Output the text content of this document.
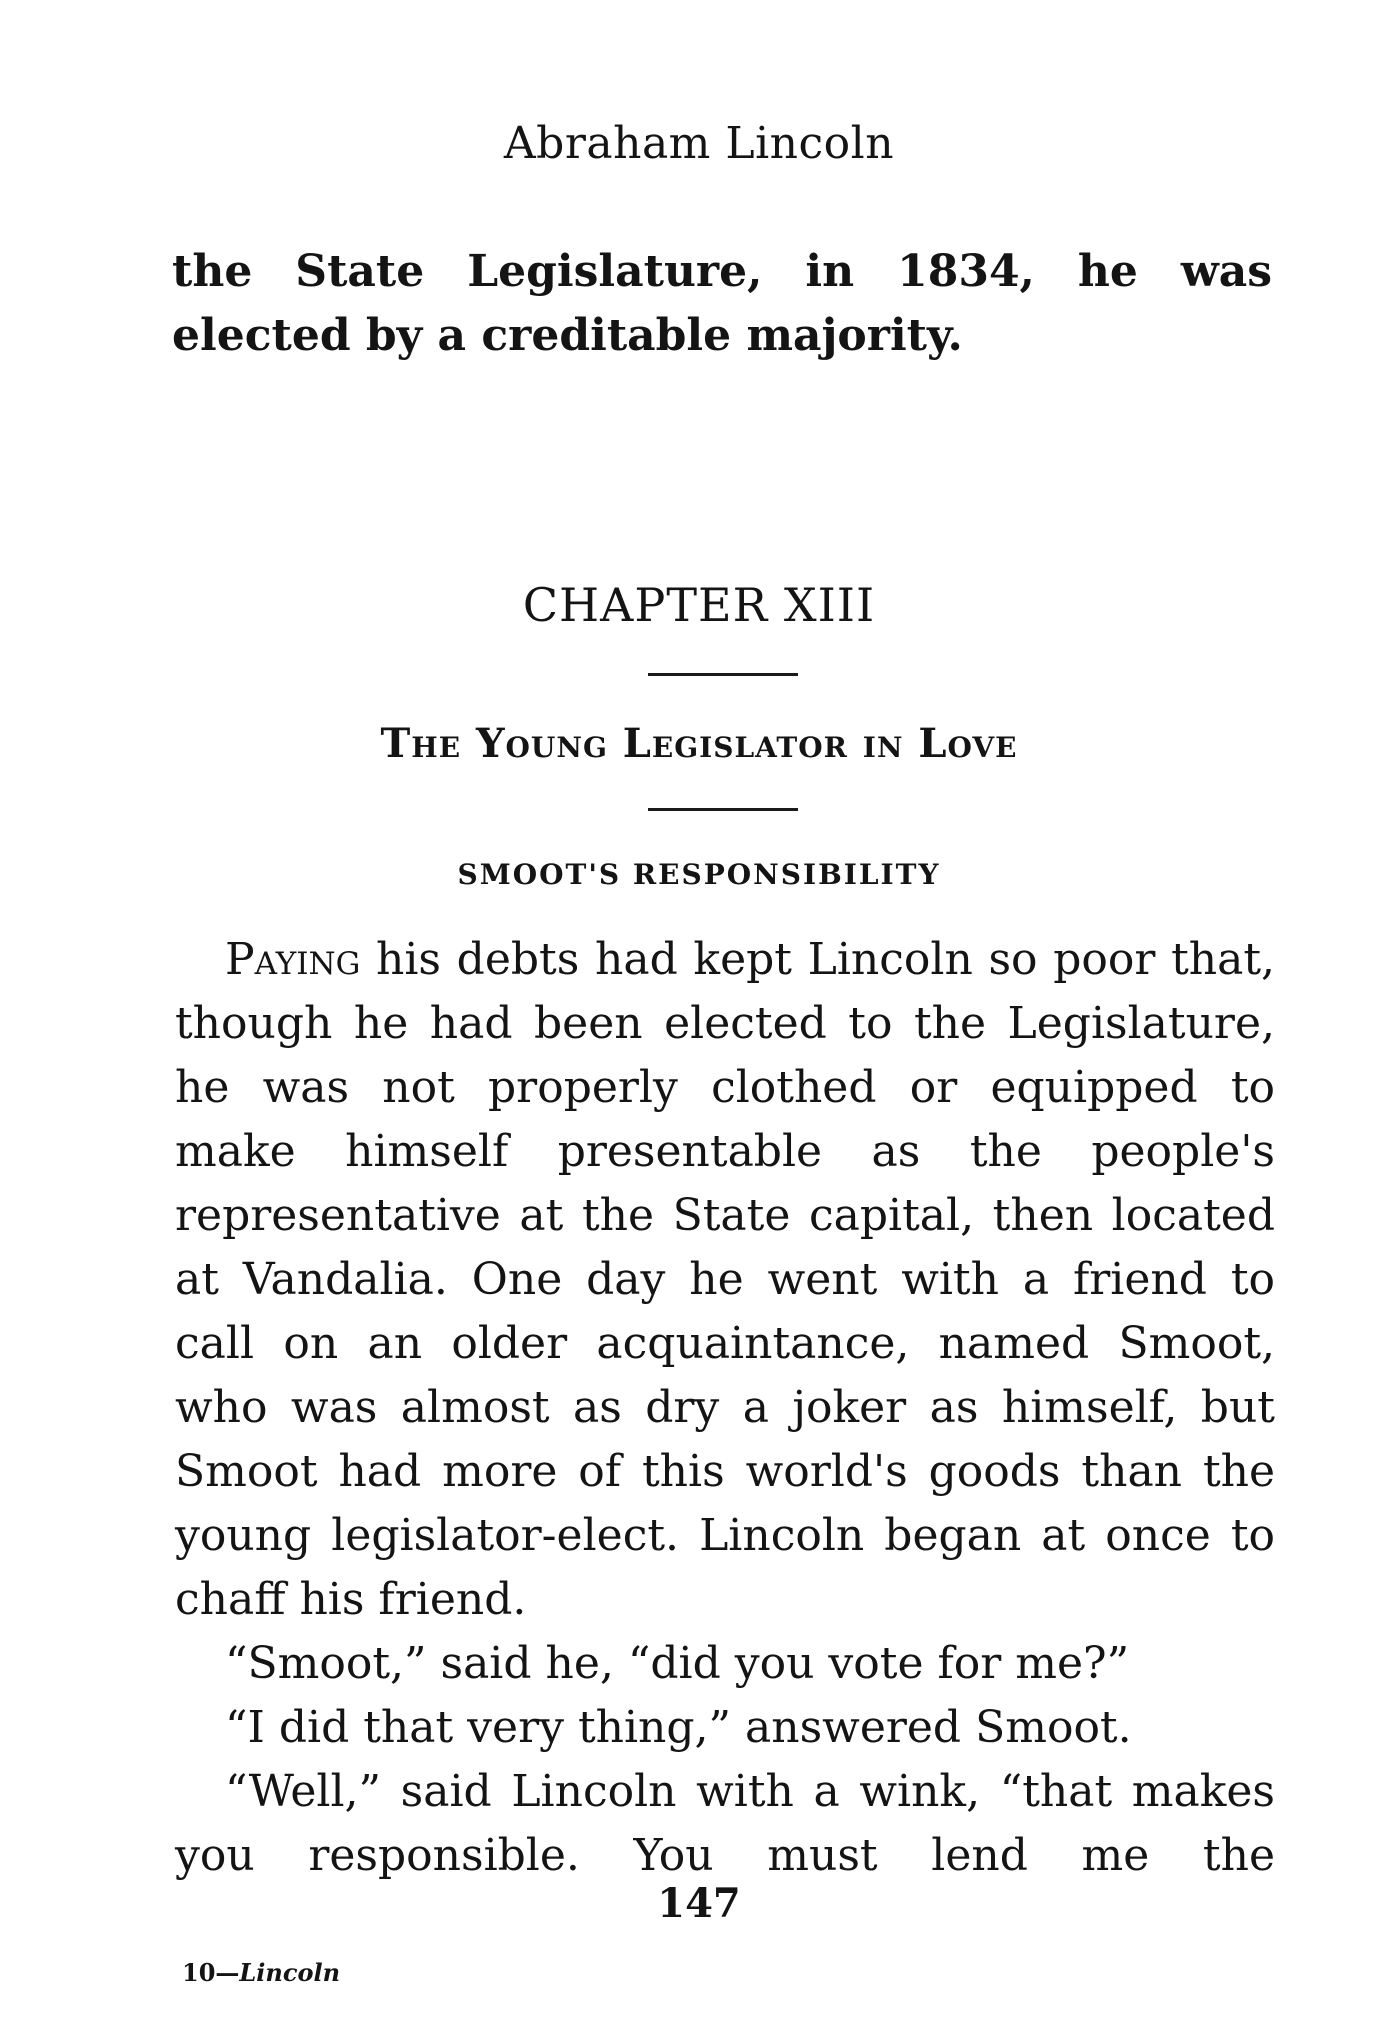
Abraham Lincoln
the State Legislature, in 1834, he was elected by a creditable majority.
CHAPTER XIII
The Young Legislator in Love
SMOOT'S RESPONSIBILITY

Paying his debts had kept Lincoln so poor that, though he had been elected to the Legislature, he was not properly clothed or equipped to make himself presentable as the people's representative at the State capital, then located at Vandalia. One day he went with a friend to call on an older acquaintance, named Smoot, who was almost as dry a joker as himself, but Smoot had more of this world's goods than the young legislator-elect. Lincoln began at once to chaff his friend.

“Smoot,” said he, “did you vote for me?”

“I did that very thing,” answered Smoot.

“Well,” said Lincoln with a wink, “that makes you responsible. You must lend me the

147
10—Lincoln
